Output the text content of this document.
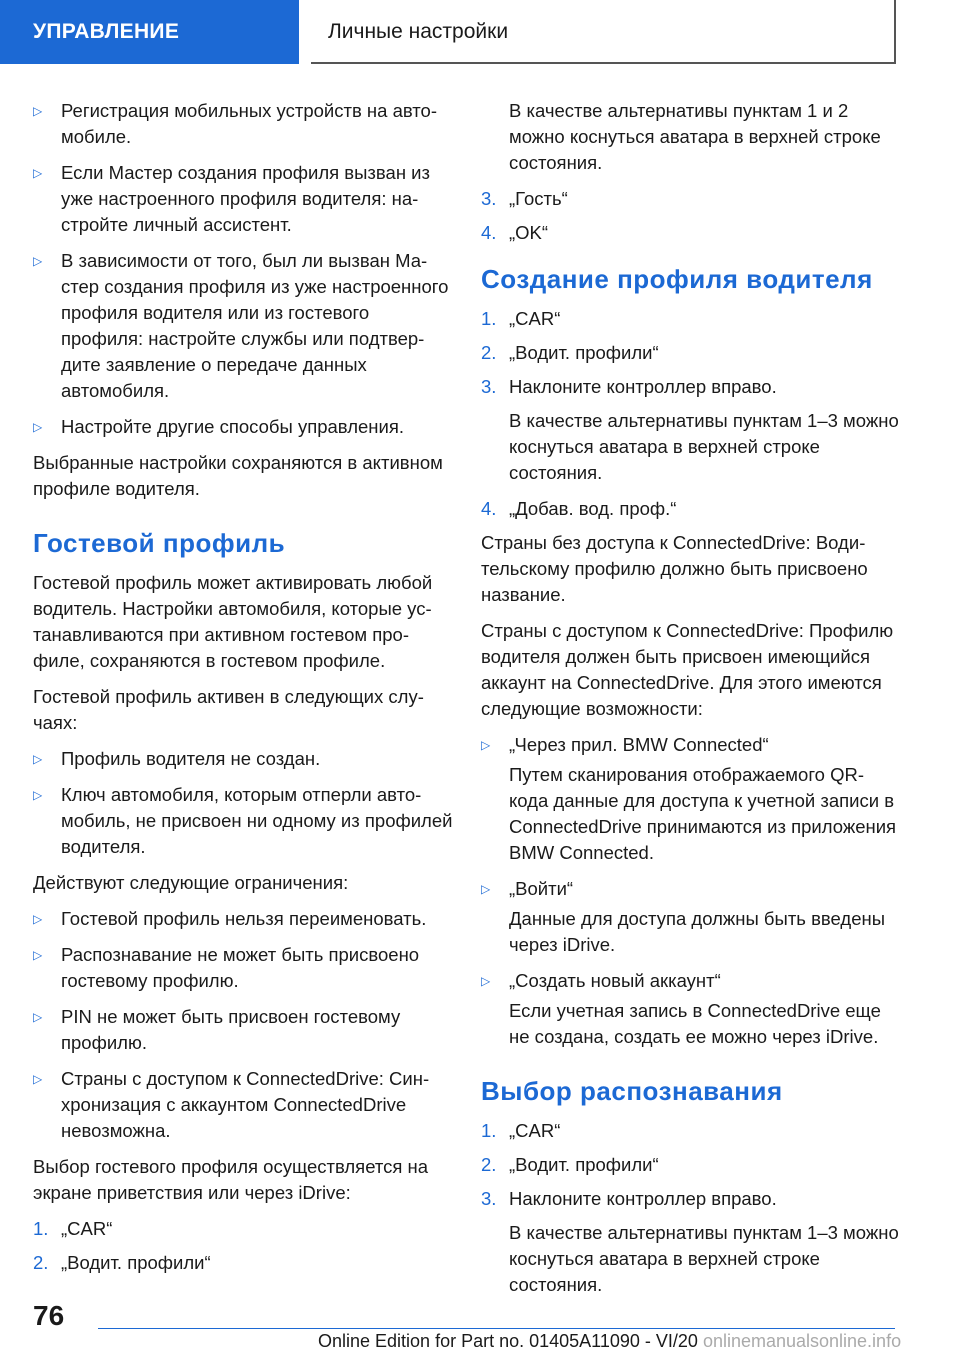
УПРАВЛЕНИЕ	Личные настройки
▷ Регистрация мобильных устройств на автомобиле.
▷ Если Мастер создания профиля вызван из уже настроенного профиля водителя: настройте личный ассистент.
▷ В зависимости от того, был ли вызван Мастер создания профиля из уже настроенного профиля водителя или из гостевого профиля: настройте службы или подтвердите заявление о передаче данных автомобиля.
▷ Настройте другие способы управления.

Выбранные настройки сохраняются в активном профиле водителя.

Гостевой профиль

Гостевой профиль может активировать любой водитель. Настройки автомобиля, которые устанавливаются при активном гостевом профиле, сохраняются в гостевом профиле.

Гостевой профиль активен в следующих случаях:

▷ Профиль водителя не создан.
▷ Ключ автомобиля, которым отперли автомобиль, не присвоен ни одному из профилей водителя.

Действуют следующие ограничения:

▷ Гостевой профиль нельзя переименовать.
▷ Распознавание не может быть присвоено гостевому профилю.
▷ PIN не может быть присвоен гостевому профилю.
▷ Страны с доступом к ConnectedDrive: Синхронизация с аккаунтом ConnectedDrive невозможна.

Выбор гостевого профиля осуществляется на экране приветствия или через iDrive:

1. „CAR“
2. „Водит. профили“

В качестве альтернативы пунктам 1 и 2 можно коснуться аватара в верхней строке состояния.

3. „Гость“
4. „OK“
Создание профиля водителя
1. „CAR“
2. „Водит. профили“
3. Наклоните контроллер вправо.

В качестве альтернативы пунктам 1–3 можно коснуться аватара в верхней строке состояния.

4. „Добав. вод. проф.“

Страны без доступа к ConnectedDrive: Водительскому профилю должно быть присвоено название.

Страны с доступом к ConnectedDrive: Профилю водителя должен быть присвоен имеющийся аккаунт на ConnectedDrive. Для этого имеются следующие возможности:

▷ „Через прил. BMW Connected“

Путем сканирования отображаемого QR-кода данные для доступа к учетной записи в ConnectedDrive принимаются из приложения BMW Connected.

▷ „Войти“

Данные для доступа должны быть введены через iDrive.

▷ „Создать новый аккаунт“

Если учетная запись в ConnectedDrive еще не создана, создать ее можно через iDrive.

Выбор распознавания
1. „CAR“
2. „Водит. профили“
3. Наклоните контроллер вправо.

В качестве альтернативы пунктам 1–3 можно коснуться аватара в верхней строке состояния.

76
Online Edition for Part no. 01405A11090 - VI/20 onlinemanualsonline.info
